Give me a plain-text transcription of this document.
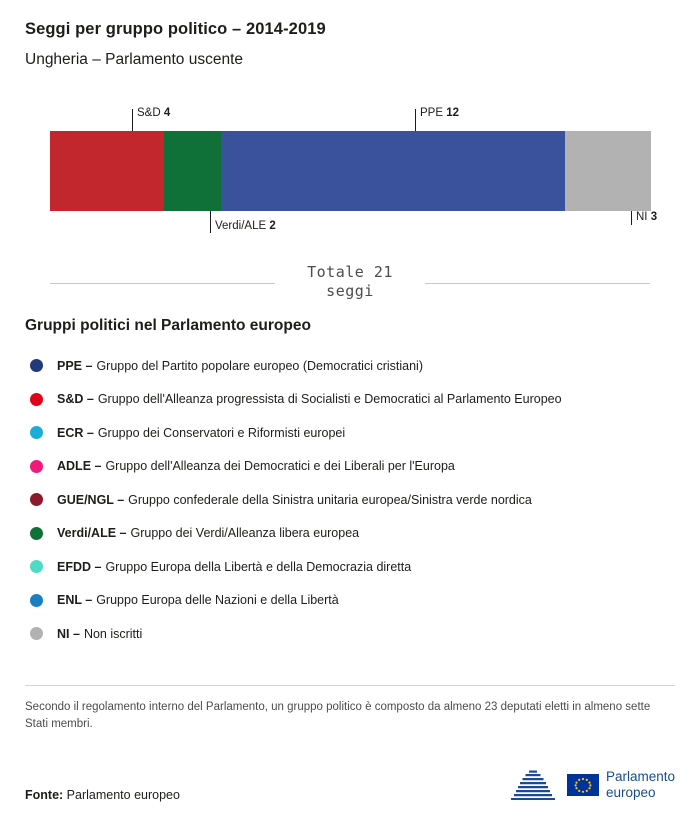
Seggi per gruppo politico – 2014-2019
Ungheria – Parlamento uscente
S&D 4	PPE 12
Verdi/ALE 2
NI 3
Totale 21
seggi
Gruppi politici nel Parlamento europeo
PPE – Gruppo del Partito popolare europeo (Democratici cristiani)
S&D – Gruppo dell'Alleanza progressista di Socialisti e Democratici al Parlamento Europeo
ECR – Gruppo dei Conservatori e Riformisti europei
ADLE – Gruppo dell'Alleanza dei Democratici e dei Liberali per l'Europa
GUE/NGL – Gruppo confederale della Sinistra unitaria europea/Sinistra verde nordica
Verdi/ALE – Gruppo dei Verdi/Alleanza libera europea
EFDD – Gruppo Europa della Libertà e della Democrazia diretta
ENL – Gruppo Europa delle Nazioni e della Libertà
NI – Non iscritti

Secondo il regolamento interno del Parlamento, un gruppo politico è composto da almeno 23 deputati eletti in almeno sette Stati membri.

Fonte: Parlamento europeo
Parlamento
europeo
